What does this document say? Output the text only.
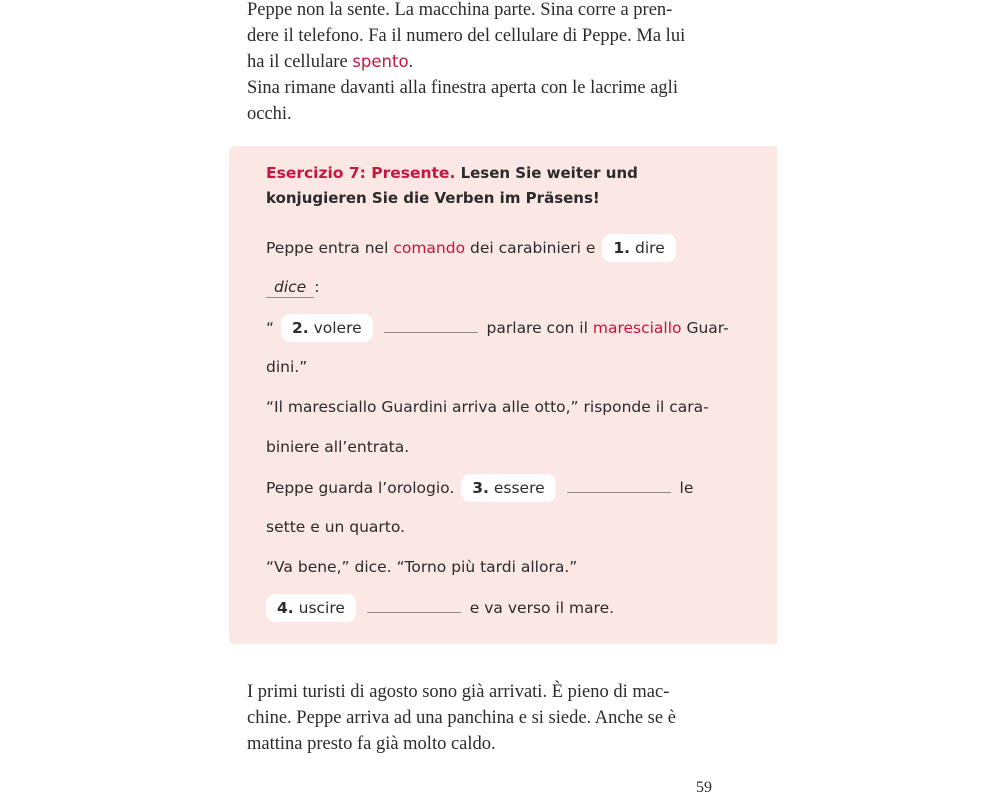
Peppe non la sente. La macchina parte. Sina corre a pren-
dere il telefono. Fa il numero del cellulare di Peppe. Ma lui
ha il cellulare spento.
Sina rimane davanti alla finestra aperta con le lacrime agli
occhi.
Esercizio 7: Presente. Lesen Sie weiter und
konjugieren Sie die Verben im Präsens!
Peppe entra nel comando dei carabinieri e 1. dire
dice :
“ 2. volere	parlare con il maresciallo Guar-
dini.”
“Il maresciallo Guardini arriva alle otto,” risponde il cara-
biniere all’entrata.
Peppe guarda l’orologio. 3. essere	le
sette e un quarto.
“Va bene,” dice. “Torno più tardi allora.”
4. uscire	e va verso il mare.
I primi turisti di agosto sono già arrivati. È pieno di mac-
chine. Peppe arriva ad una panchina e si siede. Anche se è
mattina presto fa già molto caldo.
59
